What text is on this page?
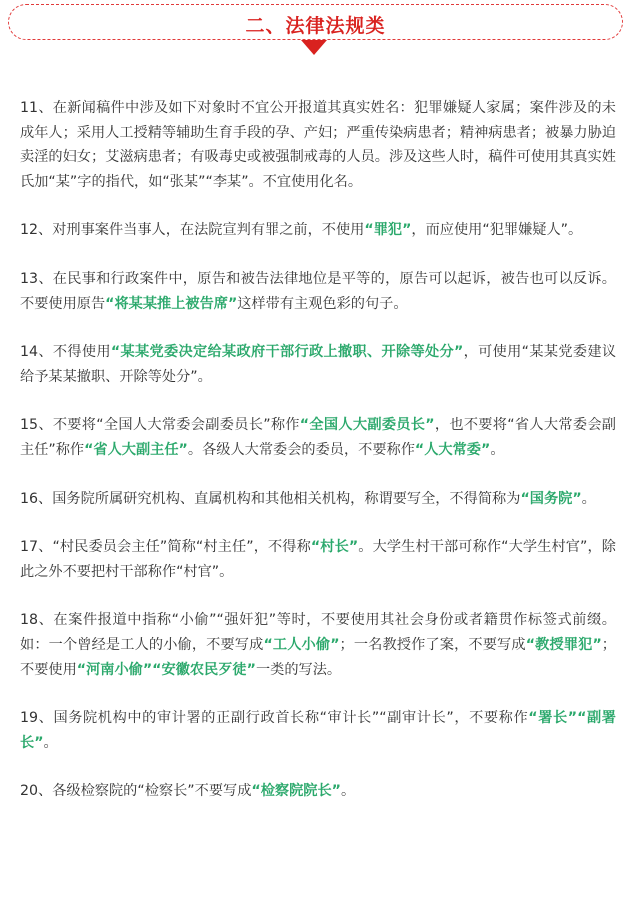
二、法律法规类

11、在新闻稿件中涉及如下对象时不宜公开报道其真实姓名：犯罪嫌疑人家属；案件涉及的未成年人；采用人工授精等辅助生育手段的孕、产妇；严重传染病患者；精神病患者；被暴力胁迫卖淫的妇女；艾滋病患者；有吸毒史或被强制戒毒的人员。涉及这些人时，稿件可使用其真实姓氏加“某”字的指代，如“张某”“李某”。不宜使用化名。

12、对刑事案件当事人，在法院宣判有罪之前，不使用“罪犯”，而应使用“犯罪嫌疑人”。

13、在民事和行政案件中，原告和被告法律地位是平等的，原告可以起诉，被告也可以反诉。不要使用原告“将某某推上被告席”这样带有主观色彩的句子。

14、不得使用“某某党委决定给某政府干部行政上撤职、开除等处分”，可使用“某某党委建议给予某某撤职、开除等处分”。

15、不要将“全国人大常委会副委员长”称作“全国人大副委员长”，也不要将“省人大常委会副主任”称作“省人大副主任”。各级人大常委会的委员，不要称作“人大常委”。

16、国务院所属研究机构、直属机构和其他相关机构，称谓要写全，不得简称为“国务院”。

17、“村民委员会主任”简称“村主任”，不得称“村长”。大学生村干部可称作“大学生村官”，除此之外不要把村干部称作“村官”。

18、在案件报道中指称“小偷”“强奸犯”等时，不要使用其社会身份或者籍贯作标签式前缀。如：一个曾经是工人的小偷，不要写成“工人小偷”；一名教授作了案，不要写成“教授罪犯”；不要使用“河南小偷”“安徽农民歹徒”一类的写法。

19、国务院机构中的审计署的正副行政首长称“审计长”“副审计长”，不要称作“署长”“副署长”。

20、各级检察院的“检察长”不要写成“检察院院长”。
